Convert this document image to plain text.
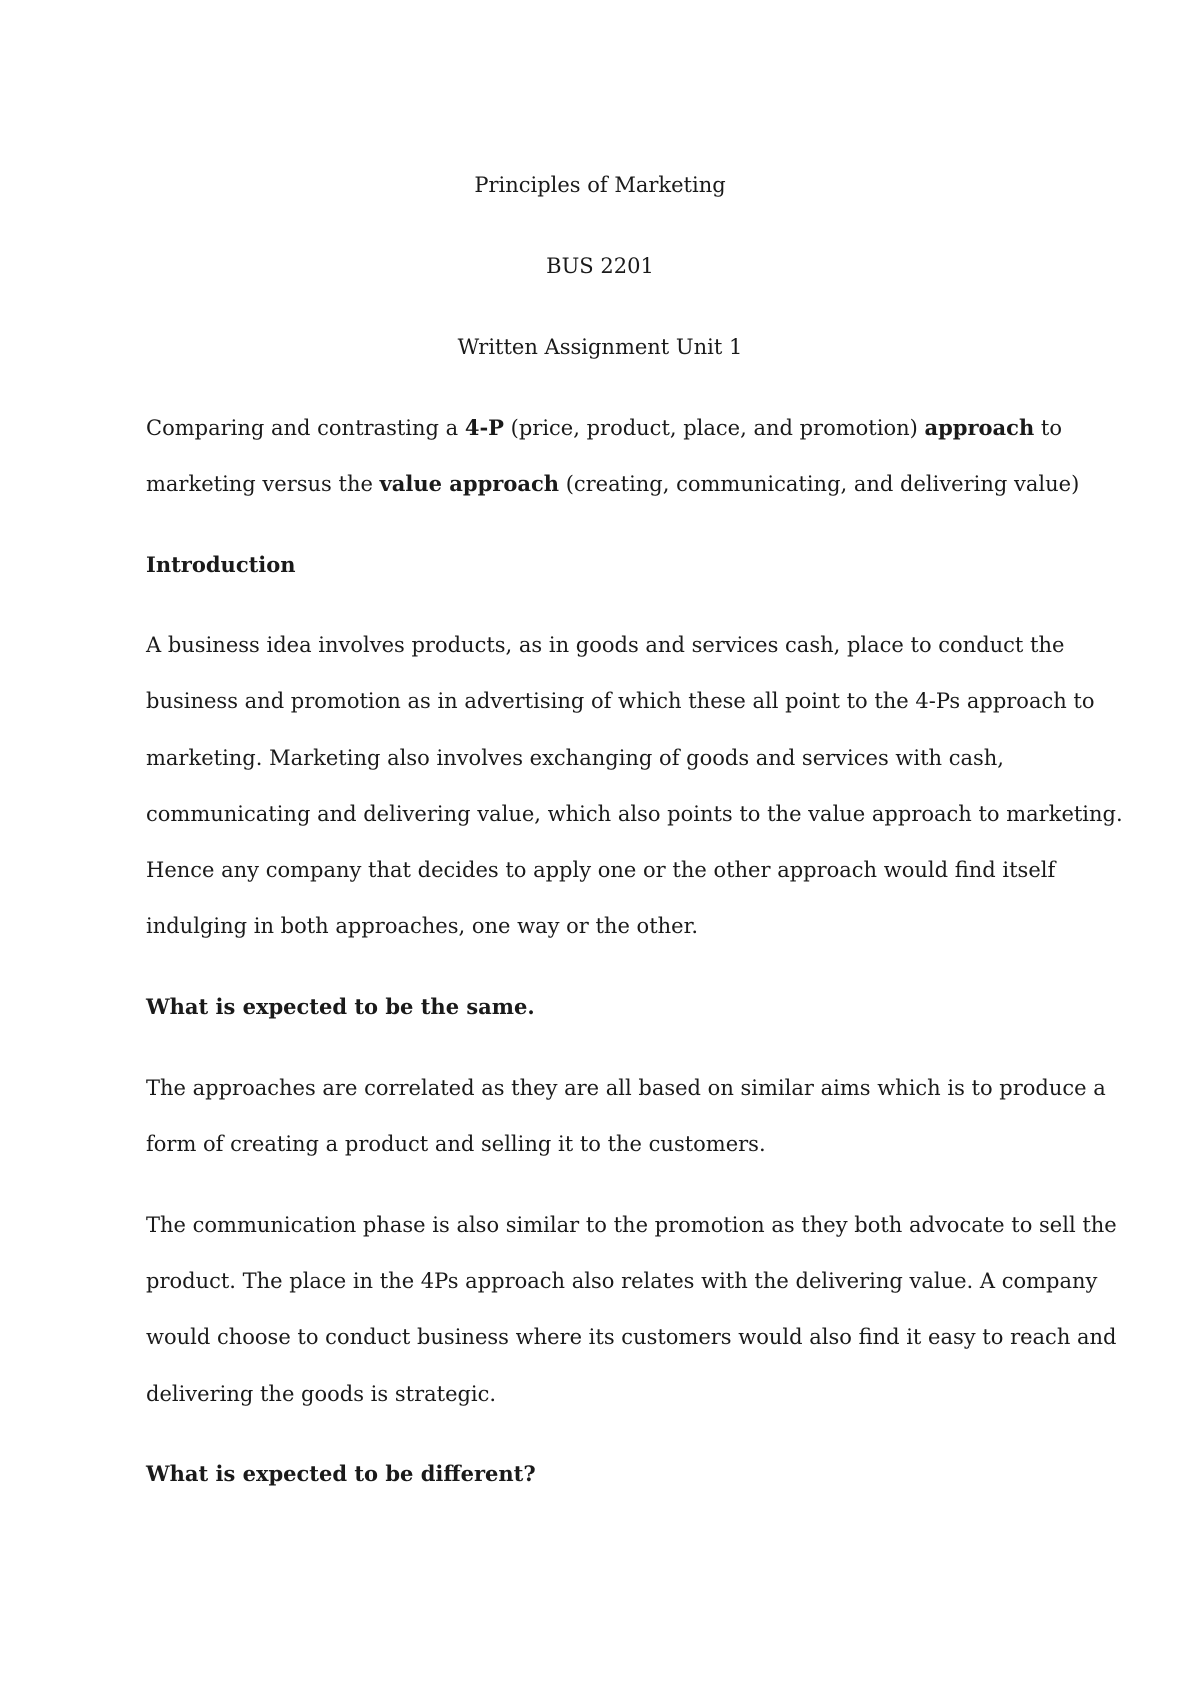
Principles of Marketing
BUS 2201
Written Assignment Unit 1
Comparing and contrasting a 4-P (price, product, place, and promotion) approach to
marketing versus the value approach (creating, communicating, and delivering value)
Introduction
A business idea involves products, as in goods and services cash, place to conduct the
business and promotion as in advertising of which these all point to the 4-Ps approach to
marketing. Marketing also involves exchanging of goods and services with cash,
communicating and delivering value, which also points to the value approach to marketing.
Hence any company that decides to apply one or the other approach would find itself
indulging in both approaches, one way or the other.
What is expected to be the same.
The approaches are correlated as they are all based on similar aims which is to produce a
form of creating a product and selling it to the customers.
The communication phase is also similar to the promotion as they both advocate to sell the
product. The place in the 4Ps approach also relates with the delivering value. A company
would choose to conduct business where its customers would also find it easy to reach and
delivering the goods is strategic.
What is expected to be different?
